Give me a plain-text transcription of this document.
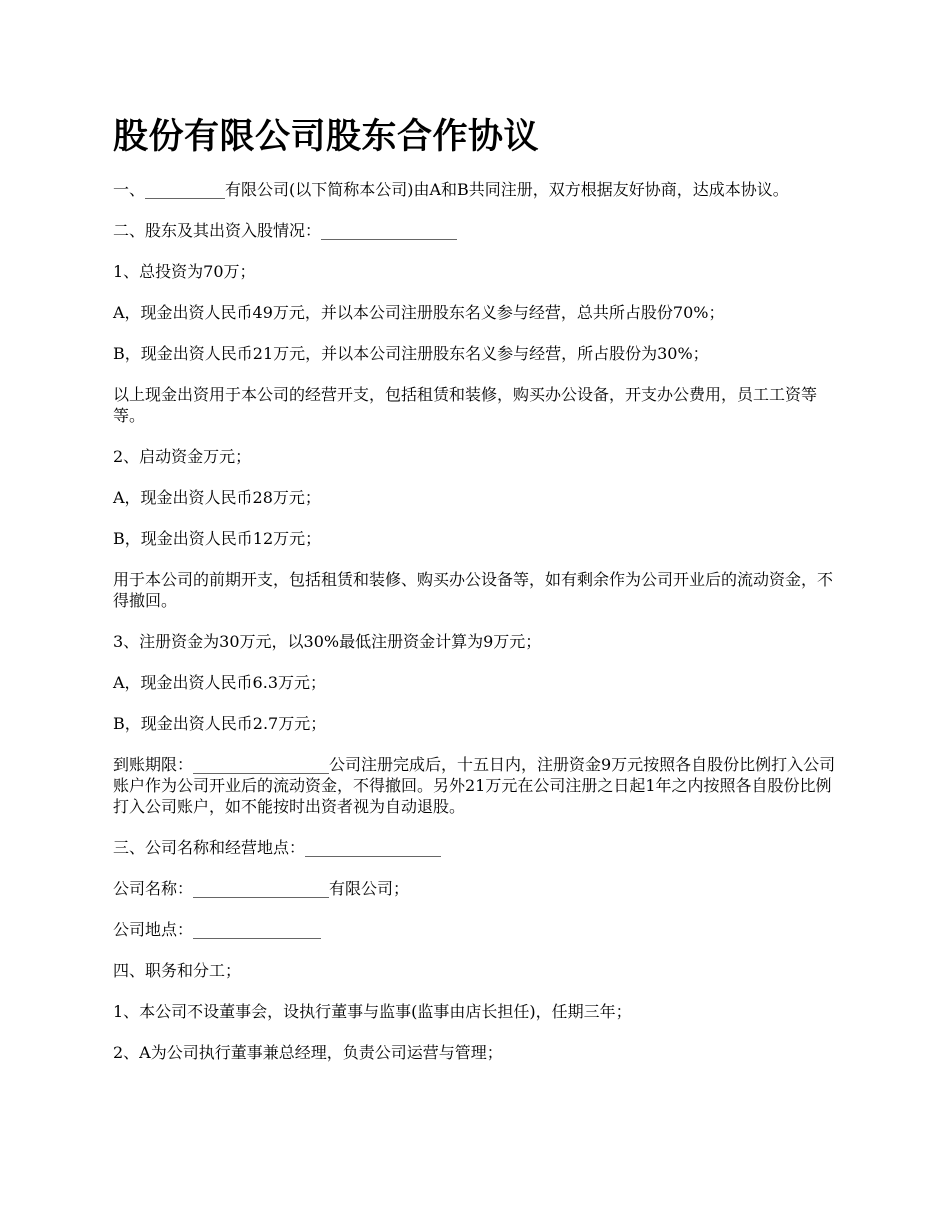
股份有限公司股东合作协议

一、__________有限公司(以下简称本公司)由A和B共同注册，双方根据友好协商，达成本协议。

二、股东及其出资入股情况：_________________

1、总投资为70万；

A，现金出资人民币49万元，并以本公司注册股东名义参与经营，总共所占股份70%；

B，现金出资人民币21万元，并以本公司注册股东名义参与经营，所占股份为30%；

以上现金出资用于本公司的经营开支，包括租赁和装修，购买办公设备，开支办公费用，员工工资等等。

2、启动资金万元；

A，现金出资人民币28万元；

B，现金出资人民币12万元；

用于本公司的前期开支，包括租赁和装修、购买办公设备等，如有剩余作为公司开业后的流动资金，不得撤回。

3、注册资金为30万元，以30%最低注册资金计算为9万元；

A，现金出资人民币6.3万元；

B，现金出资人民币2.7万元；

到账期限：_________________公司注册完成后，十五日内，注册资金9万元按照各自股份比例打入公司账户作为公司开业后的流动资金，不得撤回。另外21万元在公司注册之日起1年之内按照各自股份比例打入公司账户，如不能按时出资者视为自动退股。

三、公司名称和经营地点：_________________

公司名称：_________________有限公司；

公司地点：________________

四、职务和分工；

1、本公司不设董事会，设执行董事与监事(监事由店长担任)，任期三年；

2、A为公司执行董事兼总经理，负责公司运营与管理；
